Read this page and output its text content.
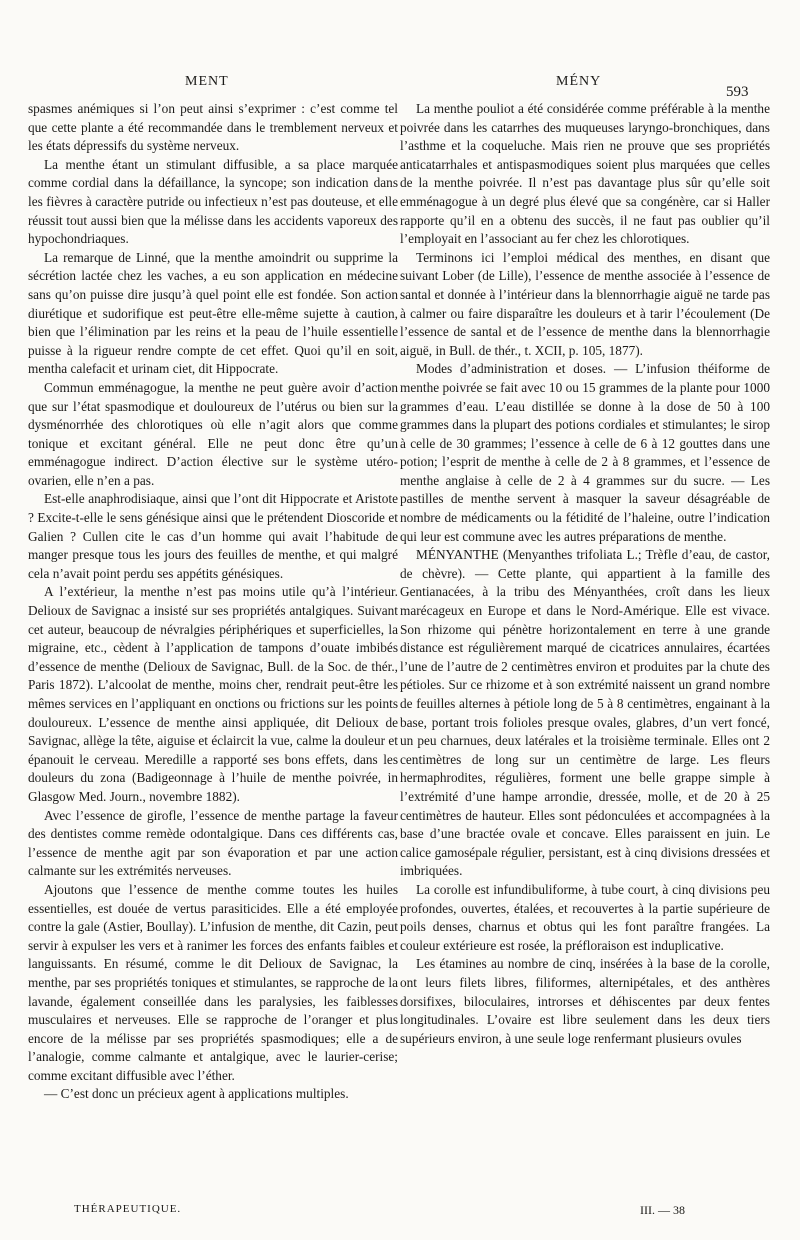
MENT	MÉNY
593

spasmes anémiques si l’on peut ainsi s’exprimer : c’est comme tel que cette plante a été recommandée dans le tremblement nerveux et les états dépressifs du système nerveux.

La menthe étant un stimulant diffusible, a sa place marquée comme cordial dans la défaillance, la syncope; son indication dans les fièvres à caractère putride ou infectieux n’est pas douteuse, et elle réussit tout aussi bien que la mélisse dans les accidents vaporeux des hypochondriaques.

La remarque de Linné, que la menthe amoindrit ou supprime la sécrétion lactée chez les vaches, a eu son application en médecine sans qu’on puisse dire jusqu’à quel point elle est fondée. Son action diurétique et sudorifique est peut-être elle-même sujette à caution, bien que l’élimination par les reins et la peau de l’huile essentielle puisse à la rigueur rendre compte de cet effet. Quoi qu’il en soit, mentha calefacit et urinam ciet, dit Hippocrate.

Commun emménagogue, la menthe ne peut guère avoir d’action que sur l’état spasmodique et douloureux de l’utérus ou bien sur la dysménorrhée des chlorotiques où elle n’agit alors que comme tonique et excitant général. Elle ne peut donc être qu’un emménagogue indirect. D’action élective sur le système utéro-ovarien, elle n’en a pas.

Est-elle anaphrodisiaque, ainsi que l’ont dit Hippocrate et Aristote ? Excite-t-elle le sens génésique ainsi que le prétendent Dioscoride et Galien ? Cullen cite le cas d’un homme qui avait l’habitude de manger presque tous les jours des feuilles de menthe, et qui malgré cela n’avait point perdu ses appétits génésiques.

A l’extérieur, la menthe n’est pas moins utile qu’à l’intérieur. Delioux de Savignac a insisté sur ses propriétés antalgiques. Suivant cet auteur, beaucoup de névralgies périphériques et superficielles, la migraine, etc., cèdent à l’application de tampons d’ouate imbibés d’essence de menthe (Delioux de Savignac, Bull. de la Soc. de thér., Paris 1872). L’alcoolat de menthe, moins cher, rendrait peut-être les mêmes services en l’appliquant en onctions ou frictions sur les points douloureux. L’essence de menthe ainsi appliquée, dit Delioux de Savignac, allège la tête, aiguise et éclaircit la vue, calme la douleur et épanouit le cerveau. Meredille a rapporté ses bons effets, dans les douleurs du zona (Badigeonnage à l’huile de menthe poivrée, in Glasgow Med. Journ., novembre 1882).

Avec l’essence de girofle, l’essence de menthe partage la faveur des dentistes comme remède odontalgique. Dans ces différents cas, l’essence de menthe agit par son évaporation et par une action calmante sur les extrémités nerveuses.

Ajoutons que l’essence de menthe comme toutes les huiles essentielles, est douée de vertus parasiticides. Elle a été employée contre la gale (Astier, Boullay). L’infusion de menthe, dit Cazin, peut servir à expulser les vers et à ranimer les forces des enfants faibles et languissants. En résumé, comme le dit Delioux de Savignac, la menthe, par ses propriétés toniques et stimulantes, se rapproche de la lavande, également conseillée dans les paralysies, les faiblesses musculaires et nerveuses. Elle se rapproche de l’oranger et plus encore de la mélisse par ses propriétés spasmodiques; elle a de l’analogie, comme calmante et antalgique, avec le laurier-cerise; comme excitant diffusible avec l’éther.

— C’est donc un précieux agent à applications multiples.

La menthe pouliot a été considérée comme préférable à la menthe poivrée dans les catarrhes des muqueuses laryngo-bronchiques, dans l’asthme et la coqueluche. Mais rien ne prouve que ses propriétés anticatarrhales et antispasmodiques soient plus marquées que celles de la menthe poivrée. Il n’est pas davantage plus sûr qu’elle soit emménagogue à un degré plus élevé que sa congénère, car si Haller rapporte qu’il en a obtenu des succès, il ne faut pas oublier qu’il l’employait en l’associant au fer chez les chlorotiques.

Terminons ici l’emploi médical des menthes, en disant que suivant Lober (de Lille), l’essence de menthe associée à l’essence de santal et donnée à l’intérieur dans la blennorrhagie aiguë ne tarde pas à calmer ou faire disparaître les douleurs et à tarir l’écoulement (De l’essence de santal et de l’essence de menthe dans la blennorrhagie aiguë, in Bull. de thér., t. XCII, p. 105, 1877).

Modes d’administration et doses. — L’infusion théiforme de menthe poivrée se fait avec 10 ou 15 grammes de la plante pour 1000 grammes d’eau. L’eau distillée se donne à la dose de 50 à 100 grammes dans la plupart des potions cordiales et stimulantes; le sirop à celle de 30 grammes; l’essence à celle de 6 à 12 gouttes dans une potion; l’esprit de menthe à celle de 2 à 8 grammes, et l’essence de menthe anglaise à celle de 2 à 4 grammes sur du sucre. — Les pastilles de menthe servent à masquer la saveur désagréable de nombre de médicaments ou la fétidité de l’haleine, outre l’indication qui leur est commune avec les autres préparations de menthe.

MÉNYANTHE (Menyanthes trifoliata L.; Trèfle d’eau, de castor, de chèvre). — Cette plante, qui appartient à la famille des Gentianacées, à la tribu des Ményanthées, croît dans les lieux marécageux en Europe et dans le Nord-Amérique. Elle est vivace. Son rhizome qui pénètre horizontalement en terre à une grande distance est régulièrement marqué de cicatrices annulaires, écartées l’une de l’autre de 2 centimètres environ et produites par la chute des pétioles. Sur ce rhizome et à son extrémité naissent un grand nombre de feuilles alternes à pétiole long de 5 à 8 centimètres, engainant à la base, portant trois folioles presque ovales, glabres, d’un vert foncé, un peu charnues, deux latérales et la troisième terminale. Elles ont 2 centimètres de long sur un centimètre de large. Les fleurs hermaphrodites, régulières, forment une belle grappe simple à l’extrémité d’une hampe arrondie, dressée, molle, et de 20 à 25 centimètres de hauteur. Elles sont pédonculées et accompagnées à la base d’une bractée ovale et concave. Elles paraissent en juin. Le calice gamosépale régulier, persistant, est à cinq divisions dressées et imbriquées.

La corolle est infundibuliforme, à tube court, à cinq divisions peu profondes, ouvertes, étalées, et recouvertes à la partie supérieure de poils denses, charnus et obtus qui les font paraître frangées. La couleur extérieure est rosée, la préfloraison est induplicative.

Les étamines au nombre de cinq, insérées à la base de la corolle, ont leurs filets libres, filiformes, alternipétales, et des anthères dorsifixes, biloculaires, introrses et déhiscentes par deux fentes longitudinales. L’ovaire est libre seulement dans les deux tiers supérieurs environ, à une seule loge renfermant plusieurs ovules

THÉRAPEUTIQUE.	III. — 38
